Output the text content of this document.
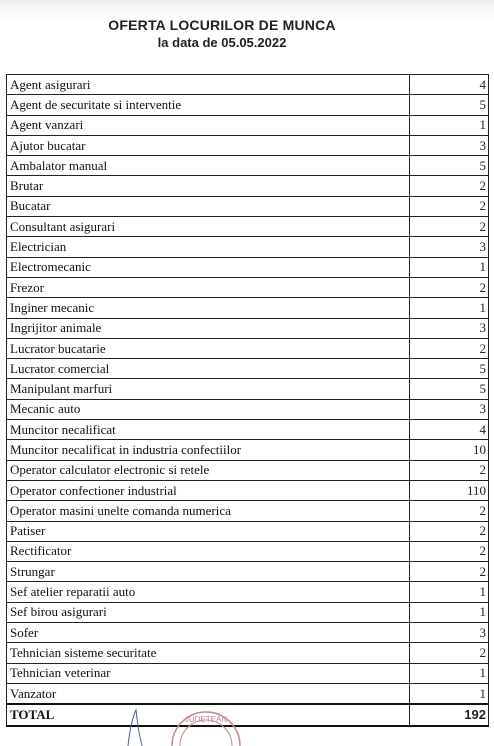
OFERTA LOCURILOR DE MUNCA
la data de 05.05.2022
Agent asigurari	4
Agent de securitate si interventie	5
Agent vanzari	1
Ajutor bucatar	3
Ambalator manual	5
Brutar	2
Bucatar	2
Consultant asigurari	2
Electrician	3
Electromecanic	1
Frezor	2
Inginer mecanic	1
Ingrijitor animale	3
Lucrator bucatarie	2
Lucrator comercial	5
Manipulant marfuri	5
Mecanic auto	3
Muncitor necalificat	4
Muncitor necalificat in industria confectiilor	10
Operator calculator electronic si retele	2
Operator confectioner industrial	110
Operator masini unelte comanda numerica	2
Patiser	2
Rectificator	2
Strungar	2
Sef atelier reparatii auto	1
Sef birou asigurari	1
Sofer	3
Tehnician sisteme securitate	2
Tehnician veterinar	1
Vanzator	1
TOTAL	192
JUDETEAN
